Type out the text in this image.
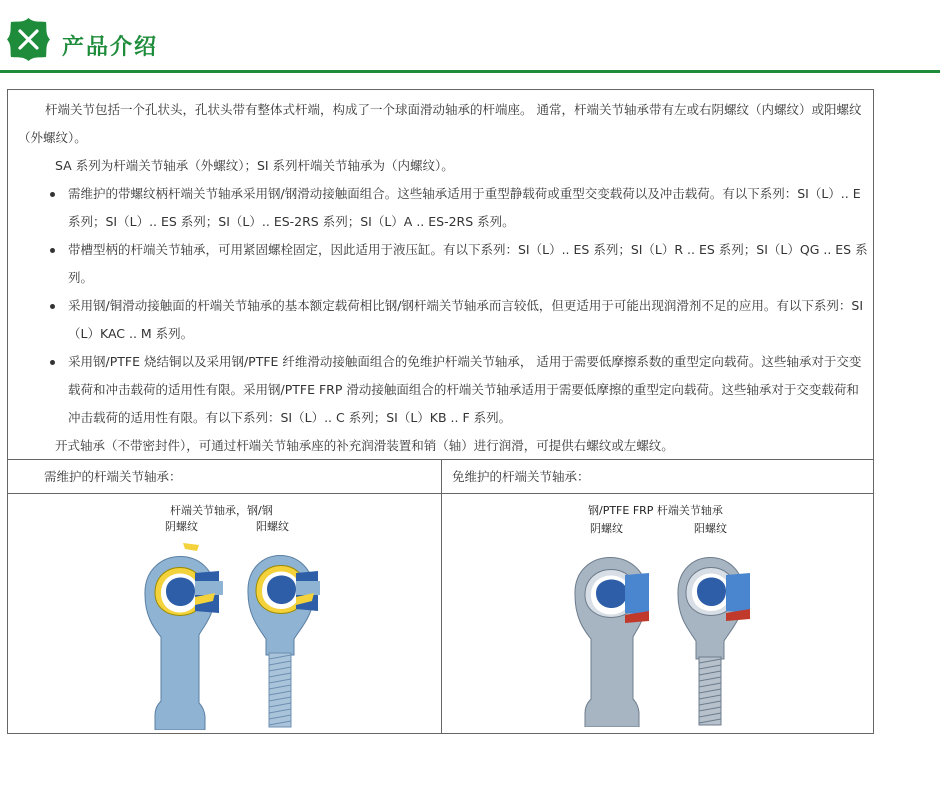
产品介绍

杆端关节包括一个孔状头，孔状头带有整体式杆端，构成了一个球面滑动轴承的杆端座。 通常，杆端关节轴承带有左或右阴螺纹（内螺纹）或阳螺纹（外螺纹）。

SA 系列为杆端关节轴承（外螺纹）；SI 系列杆端关节轴承为（内螺纹）。

需维护的带螺纹柄杆端关节轴承采用钢/钢滑动接触面组合。这些轴承适用于重型静载荷或重型交变载荷以及冲击载荷。有以下系列：SI（L）.. E 系列；SI（L）.. ES 系列；SI（L）.. ES-2RS 系列；SI（L）A .. ES-2RS 系列。

带槽型柄的杆端关节轴承，可用紧固螺栓固定，因此适用于液压缸。有以下系列：SI（L）.. ES 系列；SI（L）R .. ES 系列；SI（L）QG .. ES 系列。

采用钢/铜滑动接触面的杆端关节轴承的基本额定载荷相比钢/钢杆端关节轴承而言较低，但更适用于可能出现润滑剂不足的应用。有以下系列：SI（L）KAC .. M 系列。

采用钢/PTFE 烧结铜以及采用钢/PTFE 纤维滑动接触面组合的免维护杆端关节轴承， 适用于需要低摩擦系数的重型定向载荷。这些轴承对于交变载荷和冲击载荷的适用性有限。采用钢/PTFE FRP 滑动接触面组合的杆端关节轴承适用于需要低摩擦的重型定向载荷。这些轴承对于交变载荷和冲击载荷的适用性有限。有以下系列：SI（L）.. C 系列；SI（L）KB .. F 系列。

开式轴承（不带密封件），可通过杆端关节轴承座的补充润滑装置和销（轴）进行润滑，可提供右螺纹或左螺纹。

需维护的杆端关节轴承：	免维护的杆端关节轴承：
杆端关节轴承，钢/钢
阴螺纹	阳螺纹
钢/PTFE FRP 杆端关节轴承
阴螺纹	阳螺纹
